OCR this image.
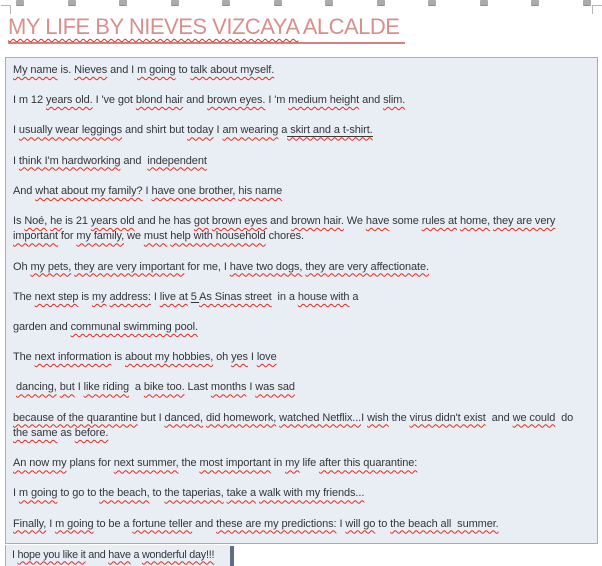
MY LIFE BY NIEVES VIZCAYA ALCALDE

My name is. Nieves and I m going to talk about myself.

I m 12 years old. I 've got blond hair and brown eyes. I 'm medium height and slim.

I usually wear leggings and shirt but today I am wearing a skirt and a t-shirt.

I think I'm hardworking and  independent

And what about my family? I have one brother, his name

Is Noé, he is 21 years old and he has got brown eyes and brown hair. We have some rules at home, they are very
important for my family, we must help with household chores.

Oh my pets, they are very important for me, I have two dogs, they are very affectionate.

The next step is my address: I live at 5 As Sinas street  in a house with a

garden and communal swimming pool.

The next information is about my hobbies, oh yes I love

dancing, but I like riding  a bike too. Last months I was sad

because of the quarantine but I danced, did homework, watched Netflix...I wish the virus didn't exist  and we could  do
the same as before.

An now my plans for next summer, the most important in my life after this quarantine:

I m going to go to the beach, to the taperias, take a walk with my friends...

Finally, I m going to be a fortune teller and these are my predictions: I will go to the beach all  summer.

I hope you like it and have a wonderful day!!!
